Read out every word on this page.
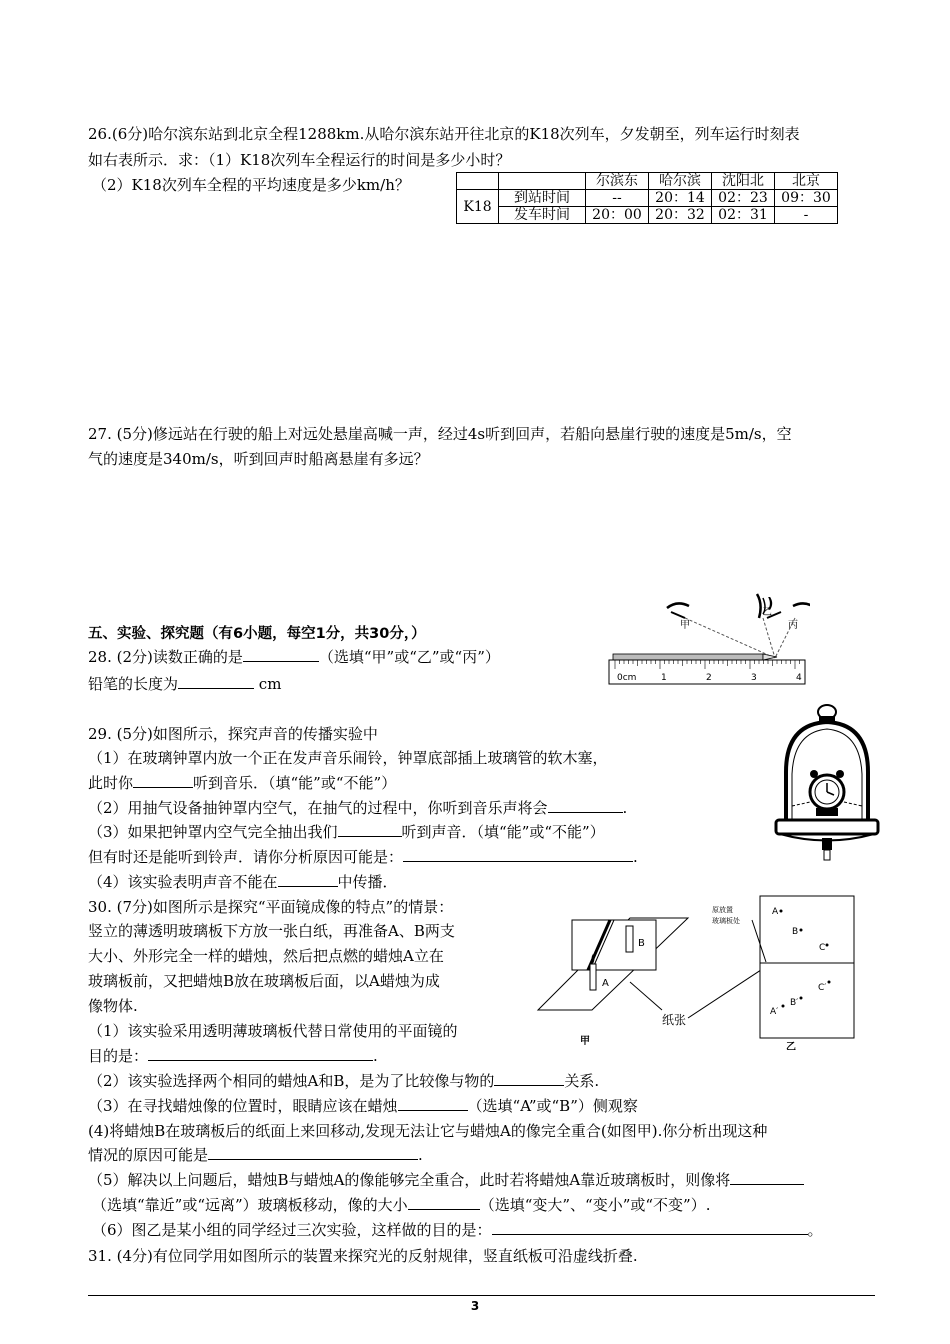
26.(6分)哈尔滨东站到北京全程1288km.从哈尔滨东站开往北京的K18次列车，夕发朝至，列车运行时刻表
如右表所示．求：（1）K18次列车全程运行的时间是多少小时？
（2）K18次列车全程的平均速度是多少km/h？
			尔滨东	哈尔滨	沈阳北	北京
K18	到站时间	--	20：14	02：23	09：30
	发车时间	20：00	20：32	02：31	-
27. (5分)修远站在行驶的船上对远处悬崖高喊一声，经过4s听到回声，若船向悬崖行驶的速度是5m/s，空
气的速度是340m/s，听到回声时船离悬崖有多远？
五、实验、探究题（有6小题，每空1分，共30分，）
28. (2分)读数正确的是	（选填“甲”或“乙”或“丙”）
铅笔的长度为	cm
甲
)
乙
丙
0cm	1	2	3	4
29. (5分)如图所示，探究声音的传播实验中
（1）在玻璃钟罩内放一个正在发声音乐闹铃，钟罩底部插上玻璃管的软木塞，
此时你	听到音乐．（填“能”或“不能”）
（2）用抽气设备抽钟罩内空气，在抽气的过程中，你听到音乐声将会	.
（3）如果把钟罩内空气完全抽出我们	听到声音．（填“能”或“不能”）
但有时还是能听到铃声．请你分析原因可能是：	.
（4）该实验表明声音不能在	中传播．
30. (7分)如图所示是探究“平面镜成像的特点”的情景：
竖立的薄透明玻璃板下方放一张白纸，再准备A、B两支
大小、外形完全一样的蜡烛，然后把点燃的蜡烛A立在
玻璃板前，又把蜡烛B放在玻璃板后面，以A蜡烛为成
像物体.
（1）该实验采用透明薄玻璃板代替日常使用的平面镜的
目的是：	.
（2）该实验选择两个相同的蜡烛A和B，是为了比较像与物的	关系.
（3）在寻找蜡烛像的位置时，眼睛应该在蜡烛	（选填“A”或“B”）侧观察
(4)将蜡烛B在玻璃板后的纸面上来回移动,发现无法让它与蜡烛A的像完全重合(如图甲).你分析出现这种
情况的原因可能是	.
（5）解决以上问题后，蜡烛B与蜡烛A的像能够完全重合，此时若将蜡烛A靠近玻璃板时，则像将
（选填“靠近”或“远离”）玻璃板移动，像的大小	（选填“变大”、“变小”或“不变”）.
（6）图乙是某小组的同学经过三次实验，这样做的目的是：	。
B
A
纸张
甲
原放置
玻璃板处
A
B
C
A′
B′
C′
乙
31. (4分)有位同学用如图所示的装置来探究光的反射规律，竖直纸板可沿虚线折叠.
3
